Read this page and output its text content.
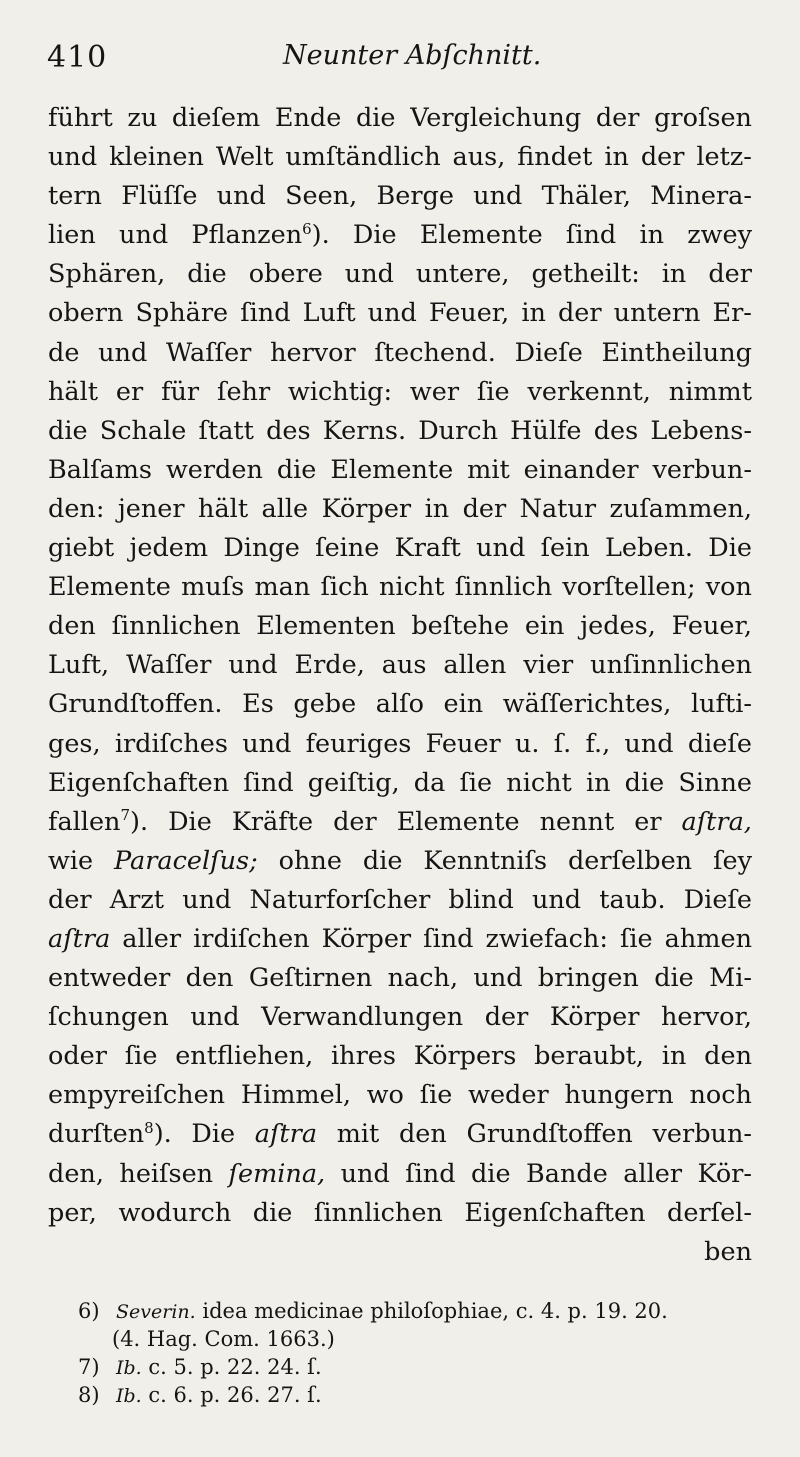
410	Neunter Abſchnitt.
führt zu dieſem Ende die Vergleichung der groſsen
und kleinen Welt umſtändlich aus, findet in der letz-
tern Flüſſe und Seen, Berge und Thäler, Minera-
lien und Pflanzen6). Die Elemente ſind in zwey
Sphären, die obere und untere, getheilt: in der
obern Sphäre ſind Luft und Feuer, in der untern Er-
de und Waſſer hervor ſtechend. Dieſe Eintheilung
hält er für ſehr wichtig: wer ſie verkennt, nimmt
die Schale ſtatt des Kerns. Durch Hülfe des Lebens-
Balſams werden die Elemente mit einander verbun-
den: jener hält alle Körper in der Natur zuſammen,
giebt jedem Dinge ſeine Kraft und ſein Leben. Die
Elemente muſs man ſich nicht ſinnlich vorſtellen; von
den ſinnlichen Elementen beſtehe ein jedes, Feuer,
Luft, Waſſer und Erde, aus allen vier unſinnlichen
Grundſtoffen. Es gebe alſo ein wäſſerichtes, lufti-
ges, irdiſches und feuriges Feuer u. ſ. f., und dieſe
Eigenſchaften ſind geiſtig, da ſie nicht in die Sinne
fallen7). Die Kräfte der Elemente nennt er aſtra,
wie Paracelſus; ohne die Kenntniſs derſelben ſey
der Arzt und Naturforſcher blind und taub. Dieſe
aſtra aller irdiſchen Körper ſind zwiefach: ſie ahmen
entweder den Geſtirnen nach, und bringen die Mi-
ſchungen und Verwandlungen der Körper hervor,
oder ſie entfliehen, ihres Körpers beraubt, in den
empyreiſchen Himmel, wo ſie weder hungern noch
durſten8). Die aſtra mit den Grundſtoffen verbun-
den, heiſsen ſemina, und ſind die Bande aller Kör-
per, wodurch die ſinnlichen Eigenſchaften derſel-
ben
6) Severin. idea medicinae philoſophiae, c. 4. p. 19. 20.
(4. Hag. Com. 1663.)
7) Ib. c. 5. p. 22. 24. ſ.
8) Ib. c. 6. p. 26. 27. ſ.
